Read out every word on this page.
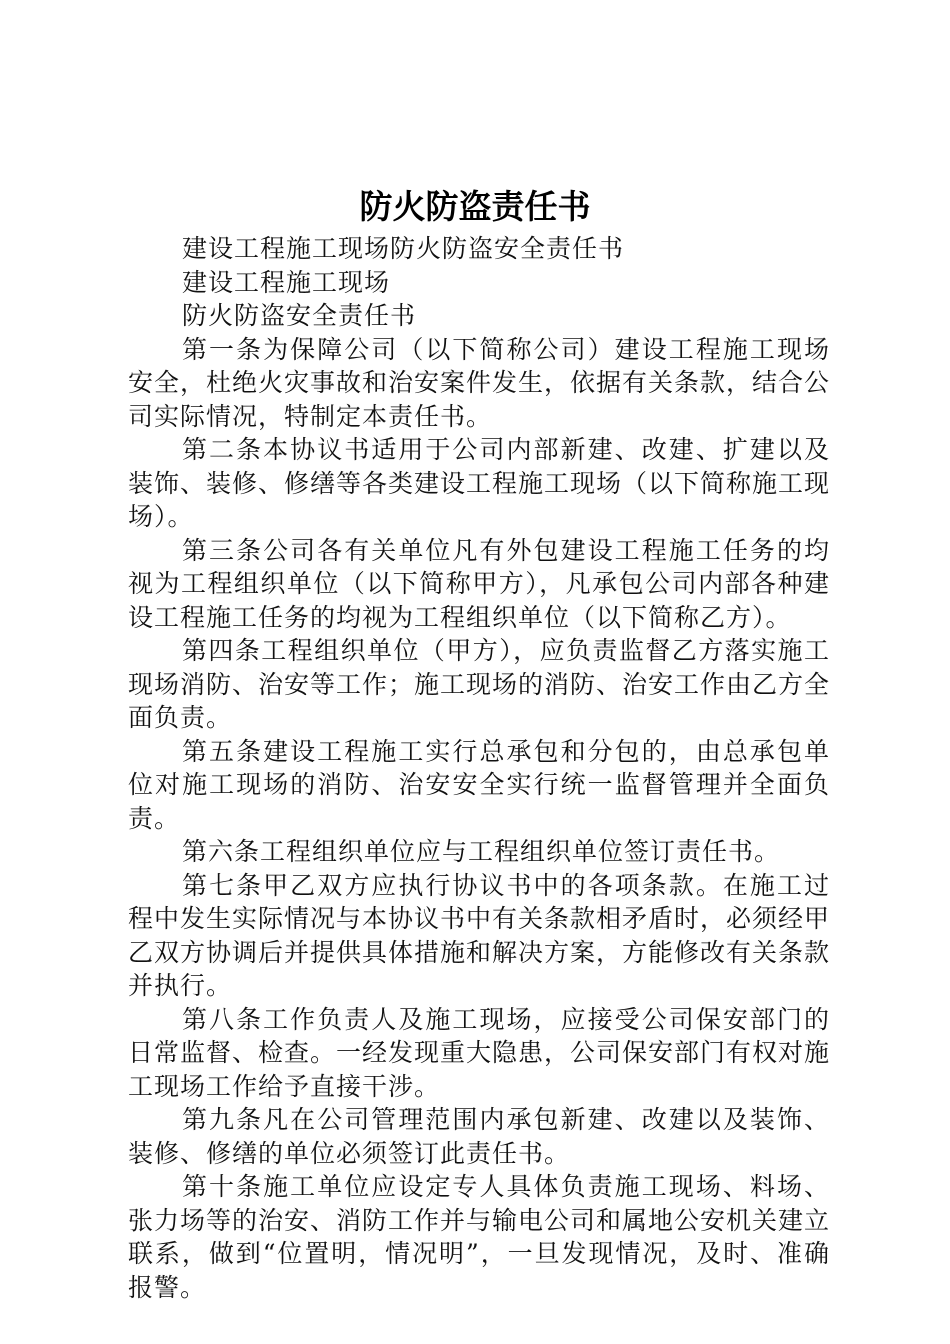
防火防盗责任书

建设工程施工现场防火防盗安全责任书

建设工程施工现场

防火防盗安全责任书

第一条为保障公司（以下简称公司）建设工程施工现场安全，杜绝火灾事故和治安案件发生，依据有关条款，结合公司实际情况，特制定本责任书。

第二条本协议书适用于公司内部新建、改建、扩建以及装饰、装修、修缮等各类建设工程施工现场（以下简称施工现场）。

第三条公司各有关单位凡有外包建设工程施工任务的均视为工程组织单位（以下简称甲方），凡承包公司内部各种建设工程施工任务的均视为工程组织单位（以下简称乙方）。

第四条工程组织单位（甲方），应负责监督乙方落实施工现场消防、治安等工作；施工现场的消防、治安工作由乙方全面负责。

第五条建设工程施工实行总承包和分包的，由总承包单位对施工现场的消防、治安安全实行统一监督管理并全面负责。

第六条工程组织单位应与工程组织单位签订责任书。

第七条甲乙双方应执行协议书中的各项条款。在施工过程中发生实际情况与本协议书中有关条款相矛盾时，必须经甲乙双方协调后并提供具体措施和解决方案，方能修改有关条款并执行。

第八条工作负责人及施工现场，应接受公司保安部门的日常监督、检查。一经发现重大隐患，公司保安部门有权对施工现场工作给予直接干涉。

第九条凡在公司管理范围内承包新建、改建以及装饰、装修、修缮的单位必须签订此责任书。

第十条施工单位应设定专人具体负责施工现场、料场、张力场等的治安、消防工作并与输电公司和属地公安机关建立联系，做到“位置明，情况明”，一旦发现情况，及时、准确报警。
